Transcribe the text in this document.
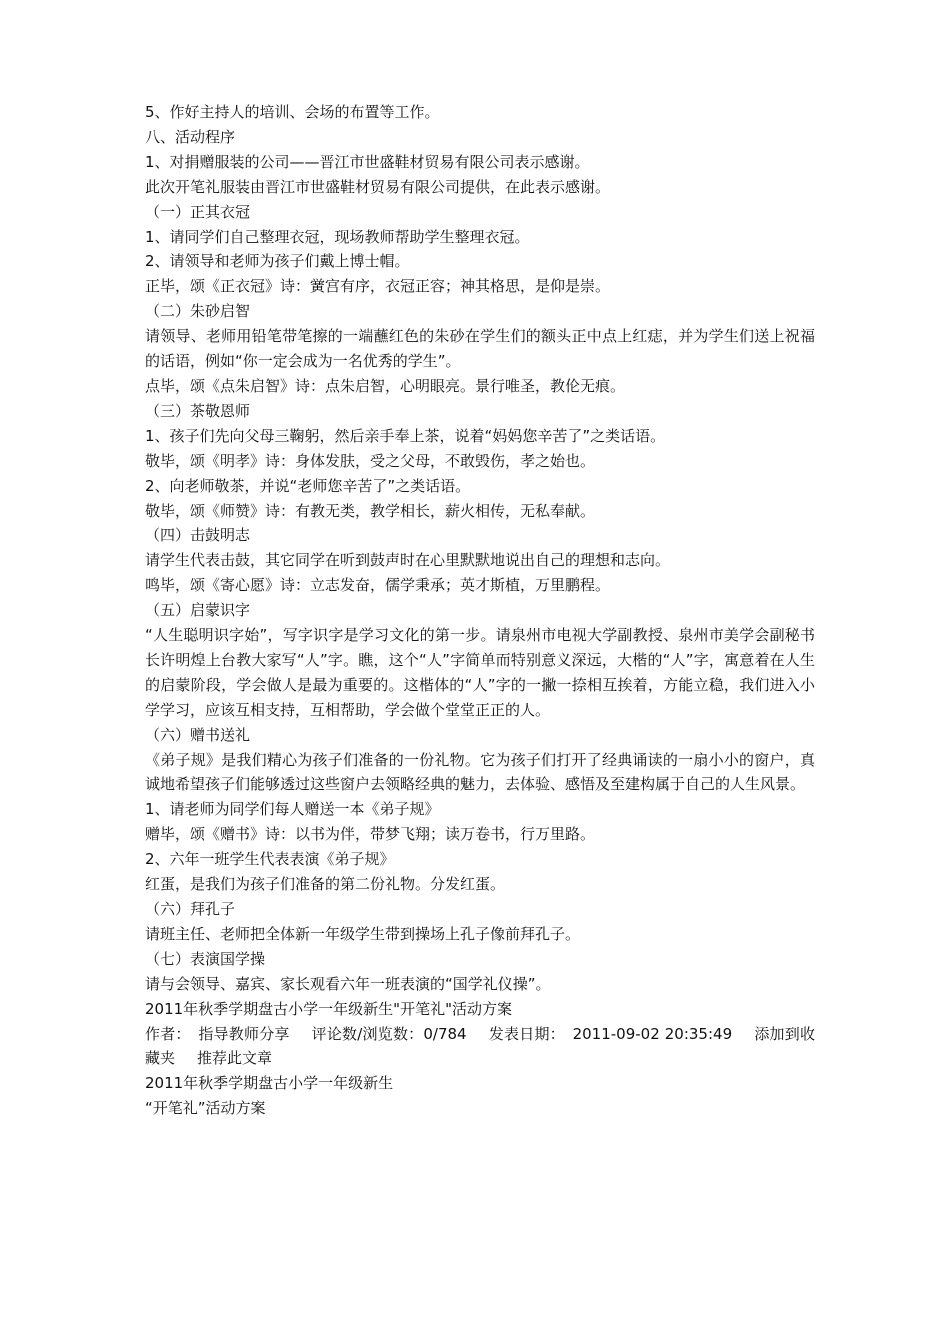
5、作好主持人的培训、会场的布置等工作。
八、活动程序
1、对捐赠服装的公司——晋江市世盛鞋材贸易有限公司表示感谢。
此次开笔礼服装由晋江市世盛鞋材贸易有限公司提供，在此表示感谢。
（一）正其衣冠
1、请同学们自己整理衣冠，现场教师帮助学生整理衣冠。
2、请领导和老师为孩子们戴上博士帽。
正毕，颂《正衣冠》诗：黉宫有序，衣冠正容；神其格思，是仰是崇。
（二）朱砂启智
请领导、老师用铅笔带笔擦的一端蘸红色的朱砂在学生们的额头正中点上红痣，并为学生们送上祝福的话语，例如“你一定会成为一名优秀的学生”。
点毕，颂《点朱启智》诗：点朱启智，心明眼亮。景行唯圣，教伦无痕。
（三）茶敬恩师
1、孩子们先向父母三鞠躬，然后亲手奉上茶，说着“妈妈您辛苦了”之类话语。
敬毕，颂《明孝》诗：身体发肤，受之父母，不敢毁伤，孝之始也。
2、向老师敬茶，并说“老师您辛苦了”之类话语。
敬毕，颂《师赞》诗：有教无类，教学相长，薪火相传，无私奉献。
（四）击鼓明志
请学生代表击鼓，其它同学在听到鼓声时在心里默默地说出自己的理想和志向。
鸣毕，颂《寄心愿》诗：立志发奋，儒学秉承；英才斯植，万里鹏程。
（五）启蒙识字
“人生聪明识字始”，写字识字是学习文化的第一步。请泉州市电视大学副教授、泉州市美学会副秘书长许明煌上台教大家写“人”字。瞧，这个“人”字简单而特别意义深远，大楷的“人”字，寓意着在人生的启蒙阶段，学会做人是最为重要的。这楷体的“人”字的一撇一捺相互挨着，方能立稳，我们进入小学学习，应该互相支持，互相帮助，学会做个堂堂正正的人。
（六）赠书送礼
《弟子规》是我们精心为孩子们准备的一份礼物。它为孩子们打开了经典诵读的一扇小小的窗户，真诚地希望孩子们能够透过这些窗户去领略经典的魅力，去体验、感悟及至建构属于自己的人生风景。
1、请老师为同学们每人赠送一本《弟子规》
赠毕，颂《赠书》诗：以书为伴，带梦飞翔；读万卷书，行万里路。
2、六年一班学生代表表演《弟子规》
红蛋，是我们为孩子们准备的第二份礼物。分发红蛋。
（六）拜孔子
请班主任、老师把全体新一年级学生带到操场上孔子像前拜孔子。
（七）表演国学操
请与会领导、嘉宾、家长观看六年一班表演的“国学礼仪操”。
2011年秋季学期盘古小学一年级新生"开笔礼"活动方案
作者：　指导教师分享 评论数/浏览数：0/784 发表日期：　2011-09-02 20:35:49 添加到收藏夹 推荐此文章
2011年秋季学期盘古小学一年级新生
“开笔礼”活动方案
